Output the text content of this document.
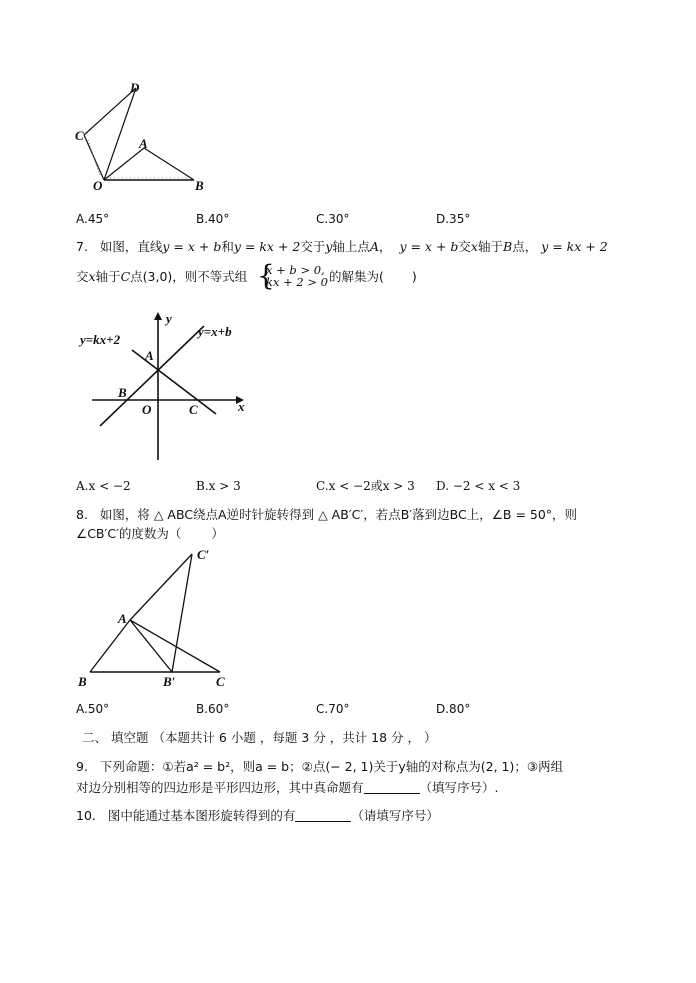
D
C
A
O	B
A.45°	B.40°	C.30°	D.35°
7. 如图，直线y = x + b和y = kx + 2交于y轴上点A， y = x + b交x轴于B点， y = kx + 2
交x轴于C点(3,0)，则不等式组 {
x + b > 0,
kx + 2 > 0 的解集为( )
y=kx+2
y=x+b
y
A
B
O	C	x
A.x < −2	B.x > 3	C.x < −2或x > 3 D. −2 < x < 3
8. 如图，将 △ ABC绕点A逆时针旋转得到 △ AB′C′，若点B′落到边BC上，∠B = 50°，则
∠CB′C′的度数为（ ）
C′
A
B	B′	C
A.50°	B.60°	C.70°	D.80°
二、 填空题 （本题共计 6 小题 ，每题 3 分 ，共计 18 分 ， ）
9. 下列命题：①若a² = b²，则a = b；②点(− 2, 1)关于y轴的对称点为(2, 1)；③两组
对边分别相等的四边形是平形四边形，其中真命题有	（填写序号）.
10. 图中能通过基本图形旋转得到的有	（请填写序号）
